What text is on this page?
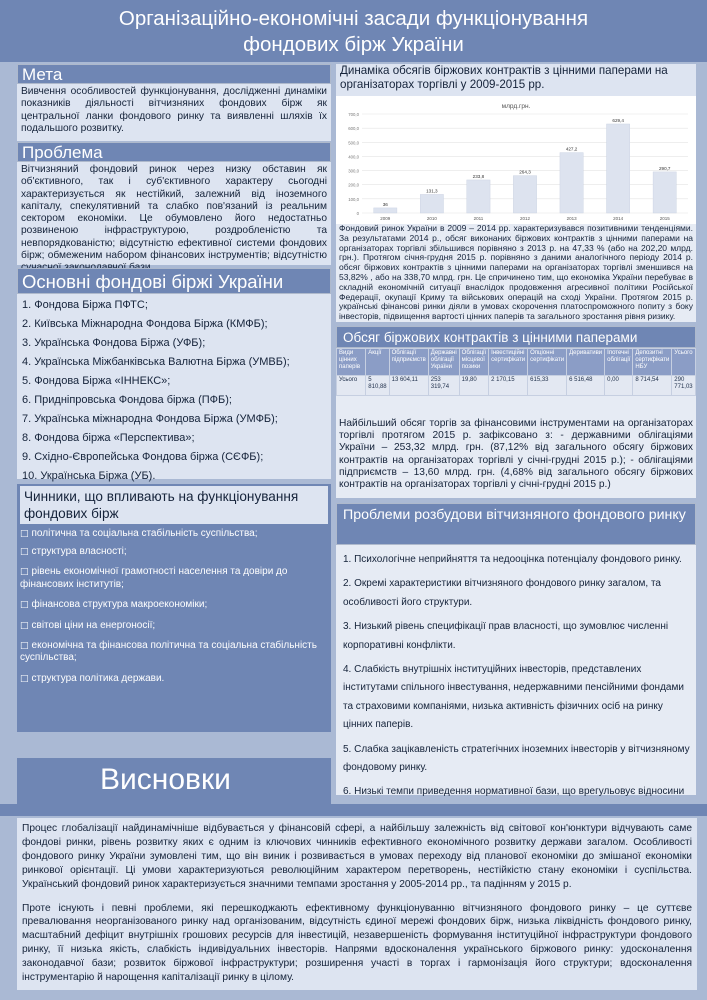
Організаційно-економічні засади функціонування
фондових бірж України
Мета
Вивчення особливостей функціонування, дослідженні динаміки показників діяльності вітчизняних фондових бірж як центральної ланки фондового ринку та виявленні шляхів їх подальшого розвитку.
Проблема
Вітчизняний фондовий ринок через низку обставин як об'єктивного, так і суб'єктивного характеру сьогодні характеризується як нестійкий, залежний від іноземного капіталу, спекулятивний та слабко пов'язаний із реальним сектором економіки. Це обумовлено його недостатньо розвиненою інфраструктурою, роздробленістю та невпорядкованістю; відсутністю ефективної системи фондових бірж; обмеженим набором фінансових інструментів; відсутністю
Основні фондові біржі України
1. Фондова Біржа ПФТС;
2. Київська Міжнародна Фондова Біржа (КМФБ);
3. Українська Фондова Біржа (УФБ);
4. Українська Міжбанківська Валютна Біржа (УМВБ);
5. Фондова Біржа «ІННЕКС»;
6. Придніпровська Фондова біржа (ПФБ);
7. Українська міжнародна Фондова Біржа (УМФБ);
8. Фондова біржа «Перспектива»;
9. Східно-Європейська Фондова біржа (СЄФБ);
10. Українська Біржа (УБ).
Чинники, що впливають на функціонування фондових бірж
□ політична та соціальна стабільність суспільства;
□ структура власності;
□ рівень економічної грамотності населення та довіри до фінансових інститутів;
□ фінансова структура макроекономіки;
□ світові ціни на енергоносії;
□ економічна та фінансова політична та соціальна стабільність суспільства;
□ структура політика держави.
Динаміка обсягів біржових контрактів з цінними паперами на організаторах торгівлі у 2009-2015 рр.
млрд.грн.
0
100,0
200,0
300,0
400,0
500,0
600,0
700,0
36
2009
131,3
2010
233,8
2011
264,3
2012
427,2
2013
629,4
2014
290,7
2015
Фондовий ринок України в 2009 – 2014 рр. характеризувався позитивними тенденціями. За результатами 2014 р., обсяг виконаних біржових контрактів з цінними паперами на організаторах торгівлі збільшився порівняно з 2013 р. на 47,33 % (або на 202,20 млрд. грн.). Протягом січня-грудня 2015 р. порівняно з даними аналогічного періоду 2014 р. обсяг біржових контрактів з цінними паперами на організаторах торгівлі зменшився на 53,82% , або на 338,70 млрд. грн. Це спричинено тим, що економіка України перебуває в складній економічній ситуації внаслідок продовження агресивної політики Російської Федерації, окупації Криму та військових операцій на сході України. Протягом 2015 р. українські фінансові ринки діяли в умовах скорочення платоспроможного попиту з боку інвесторів, підвищення вартості цінних паперів та загального зростання рівня ризику.
Обсяг біржових контрактів з цінними паперами
Види цінних паперів	Акції	Облігації підприємств	Державні облігації України	Облігації місцевої позики	Інвестиційні сертифікати	Опціонні сертифікати	Деривативи	Іпотечні облігації	Депозитні сертифікати НБУ	Усього
Усього	5 810,88	13 604,11	253 319,74	19,80	2 170,15	615,33	6 516,48	0,00	8 714,54	290 771,03
Найбільший обсяг торгів за фінансовими інструментами на організаторах торгівлі протягом 2015 р. зафіксовано з: - державними облігаціями України – 253,32 млрд. грн. (87,12% від загального обсягу біржових контрактів на організаторах торгівлі у січні-грудні 2015 р.); - облігаціями підприємств – 13,60 млрд. грн. (4,68% від загального обсягу біржових контрактів на організаторах торгівлі у січні-грудні 2015 р.)
Проблеми розбудови вітчизняного фондового ринку
1. Психологічне неприйняття та недооцінка потенціалу фондового ринку.
2. Окремі характеристики вітчизняного фондового ринку загалом, та особливості його структури.
3. Низький рівень специфікації прав власності, що зумовлює численні корпоративні конфлікти.
4. Слабкість внутрішніх інституційних інвесторів, представлених інститутами спільного інвестування, недержавними пенсійними фондами та страховими компаніями, низька активність фізичних осіб на ринку цінних паперів.
5. Слабка зацікавленість стратегічних іноземних інвесторів у вітчизняному фондовому ринку.
6. Низькі темпи приведення нормативної бази, що врегульовує відносини
Висновки

Процес глобалізації найдинамічніше відбувається у фінансовій сфері, а найбільшу залежність від світової кон'юнктури відчувають саме фондові ринки, рівень розвитку яких є одним із ключових чинників ефективного економічного розвитку держави загалом. Особливості фондового ринку України зумовлені тим, що він виник і розвивається в умовах переходу від планової економіки до змішаної економіки ринкової орієнтації. Ці умови характеризуються революційним характером перетворень, нестійкістю стану економіки і суспільства. Український фондовий ринок характеризується значними темпами зростання у 2005-2014 рр., та падінням у 2015 р.

Проте існують і певні проблеми, які перешкоджають ефективному функціонуванню вітчизняного фондового ринку – це суттєве превалювання неорганізованого ринку над організованим, відсутність єдиної мережі фондових бірж, низька ліквідність фондового ринку, масштабний дефіцит внутрішніх грошових ресурсів для інвестицій, незавершеність формування інституційної інфраструктури фондового ринку, її низька якість, слабкість індивідуальних інвесторів. Напрями вдосконалення українського біржового ринку: удосконалення законодавчої бази; розвиток біржової інфраструктури; розширення участі в торгах і гармонізація його структури; вдосконалення інструментарію й нарощення капіталізації ринку в цілому.
